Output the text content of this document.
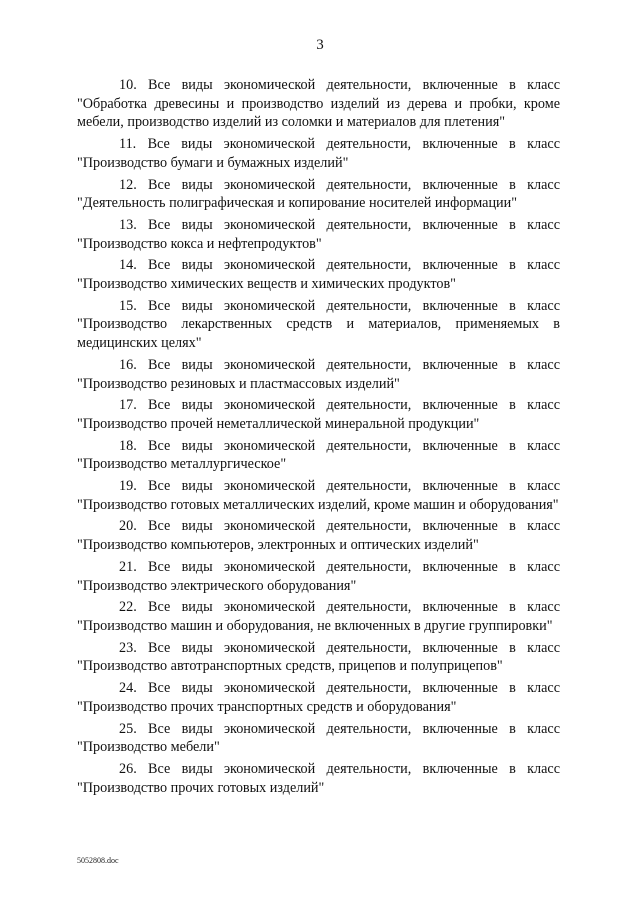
3

10. Все виды экономической деятельности, включенные в класс

"Обработка древесины и производство изделий из дерева и пробки, кроме мебели, производство изделий из соломки и материалов для плетения"

11. Все виды экономической деятельности, включенные в класс

"Производство бумаги и бумажных изделий"

12. Все виды экономической деятельности, включенные в класс

"Деятельность полиграфическая и копирование носителей информации"

13. Все виды экономической деятельности, включенные в класс

"Производство кокса и нефтепродуктов"

14. Все виды экономической деятельности, включенные в класс

"Производство химических веществ и химических продуктов"

15. Все виды экономической деятельности, включенные в класс

"Производство лекарственных средств и материалов, применяемых в медицинских целях"

16. Все виды экономической деятельности, включенные в класс

"Производство резиновых и пластмассовых изделий"

17. Все виды экономической деятельности, включенные в класс

"Производство прочей неметаллической минеральной продукции"

18. Все виды экономической деятельности, включенные в класс

"Производство металлургическое"

19. Все виды экономической деятельности, включенные в класс

"Производство готовых металлических изделий, кроме машин и оборудования"

20. Все виды экономической деятельности, включенные в класс

"Производство компьютеров, электронных и оптических изделий"

21. Все виды экономической деятельности, включенные в класс

"Производство электрического оборудования"

22. Все виды экономической деятельности, включенные в класс

"Производство машин и оборудования, не включенных в другие группировки"

23. Все виды экономической деятельности, включенные в класс

"Производство автотранспортных средств, прицепов и полуприцепов"

24. Все виды экономической деятельности, включенные в класс

"Производство прочих транспортных средств и оборудования"

25. Все виды экономической деятельности, включенные в класс

"Производство мебели"

26. Все виды экономической деятельности, включенные в класс

"Производство прочих готовых изделий"

5052808.doc
